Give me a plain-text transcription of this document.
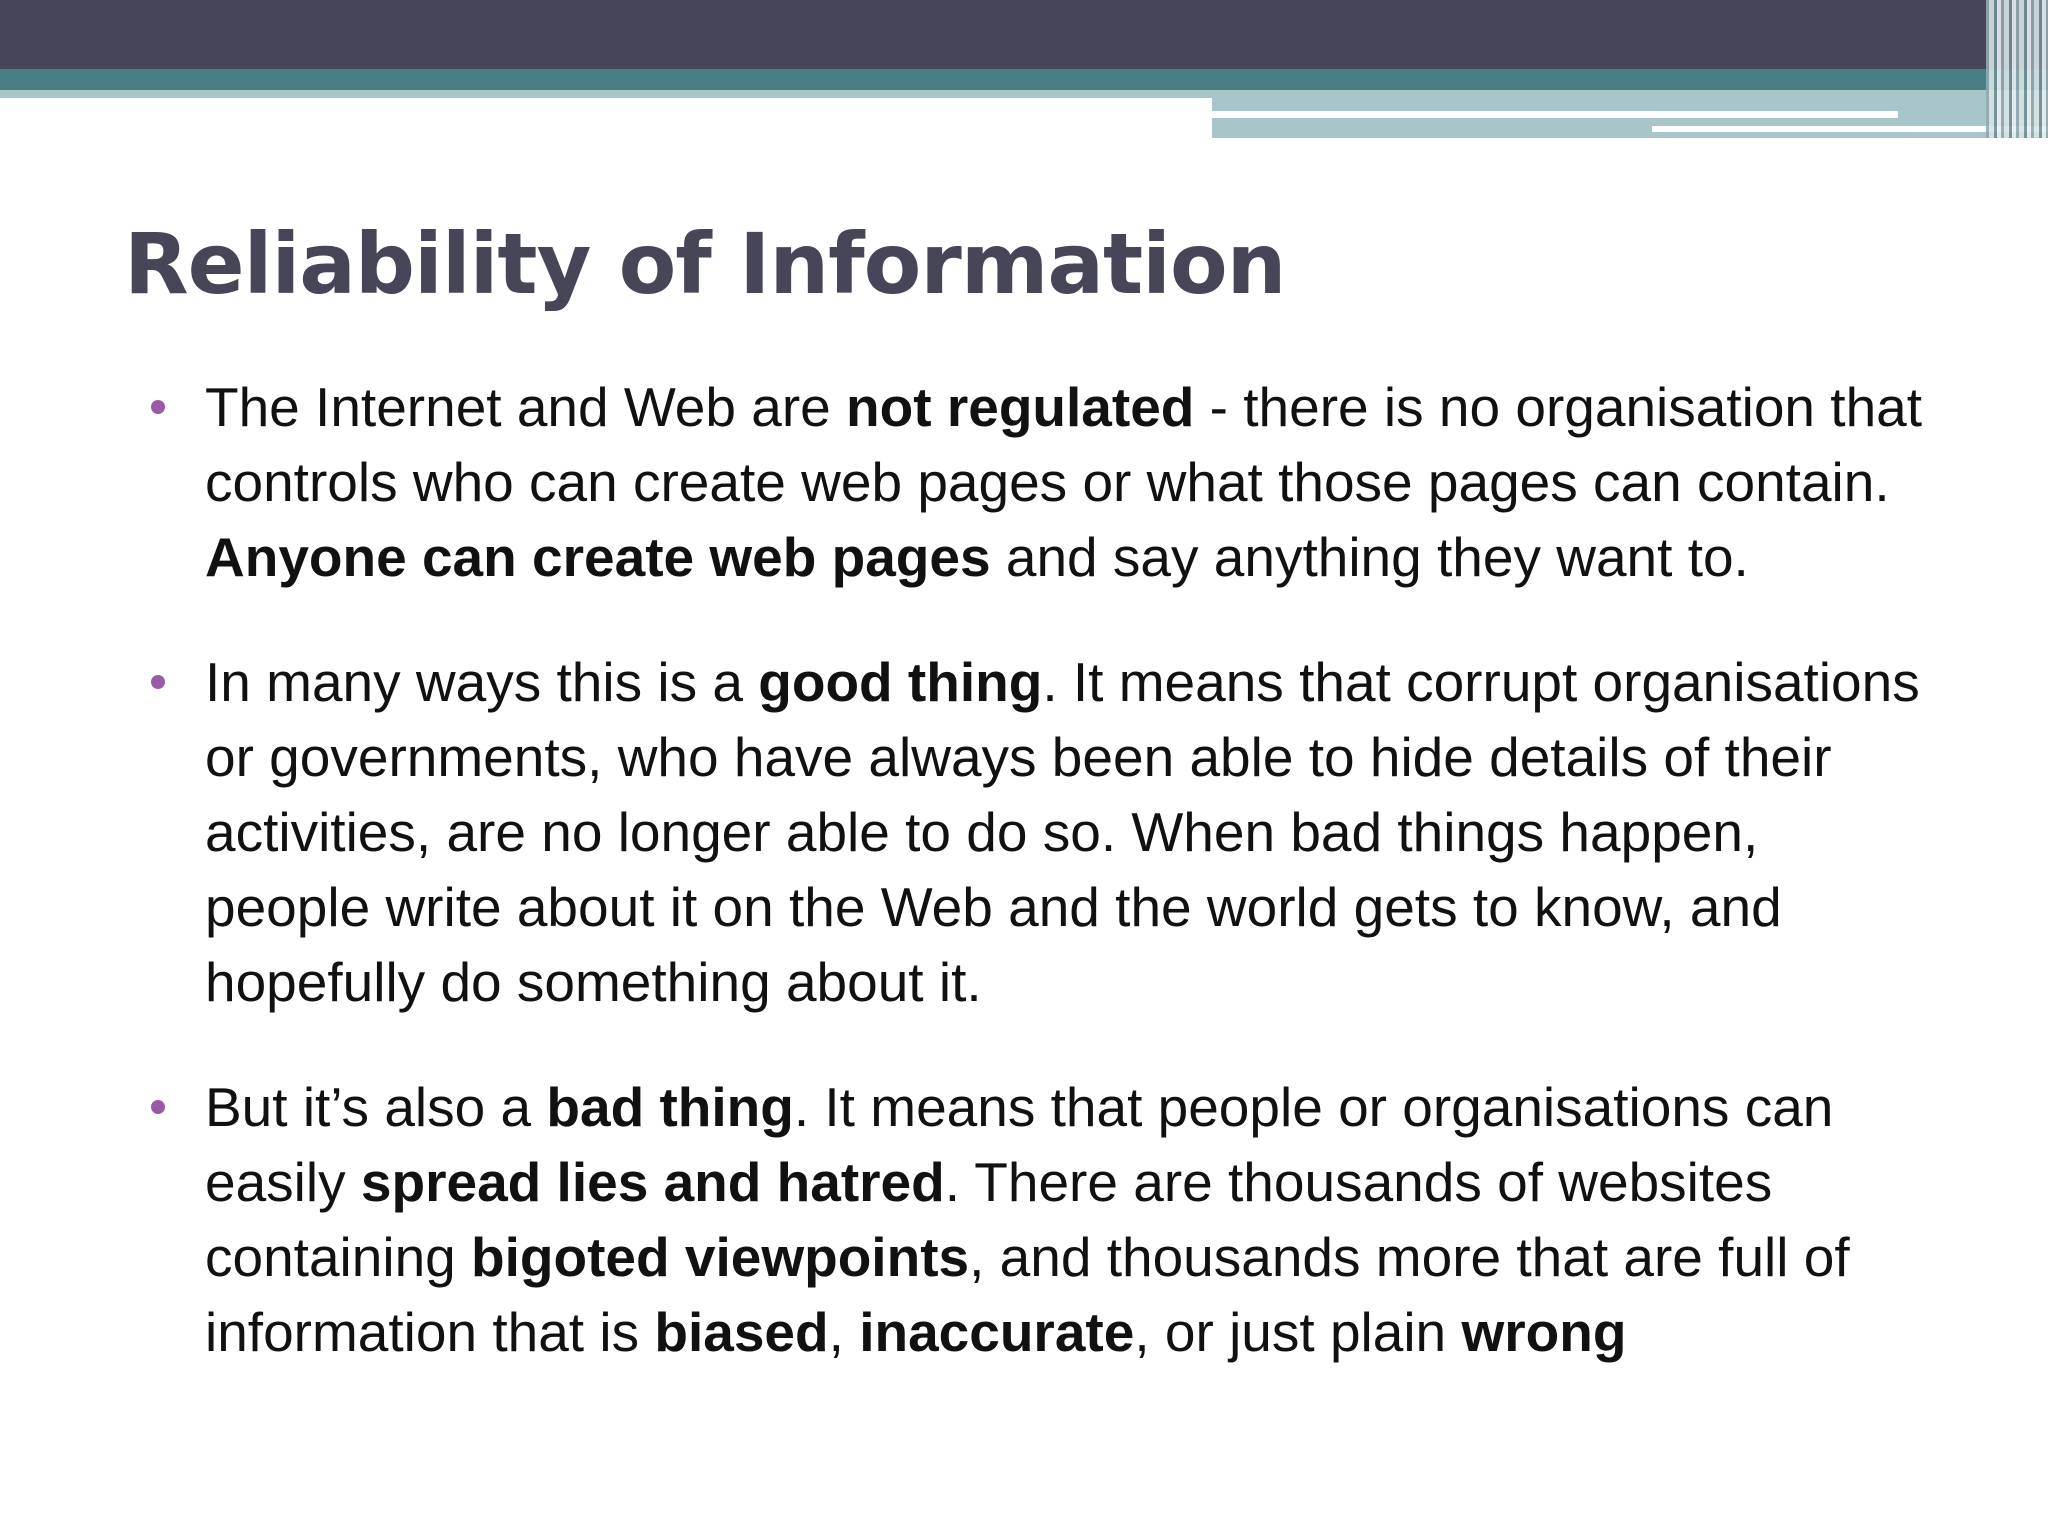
Reliability of Information
The Internet and Web are not regulated - there is no organisation that controls who can create web pages or what those pages can contain. Anyone can create web pages and say anything they want to.
In many ways this is a good thing. It means that corrupt organisations or governments, who have always been able to hide details of their activities, are no longer able to do so. When bad things happen, people write about it on the Web and the world gets to know, and hopefully do something about it.
But it’s also a bad thing. It means that people or organisations can easily spread lies and hatred. There are thousands of websites containing bigoted viewpoints, and thousands more that are full of information that is biased, inaccurate, or just plain wrong
